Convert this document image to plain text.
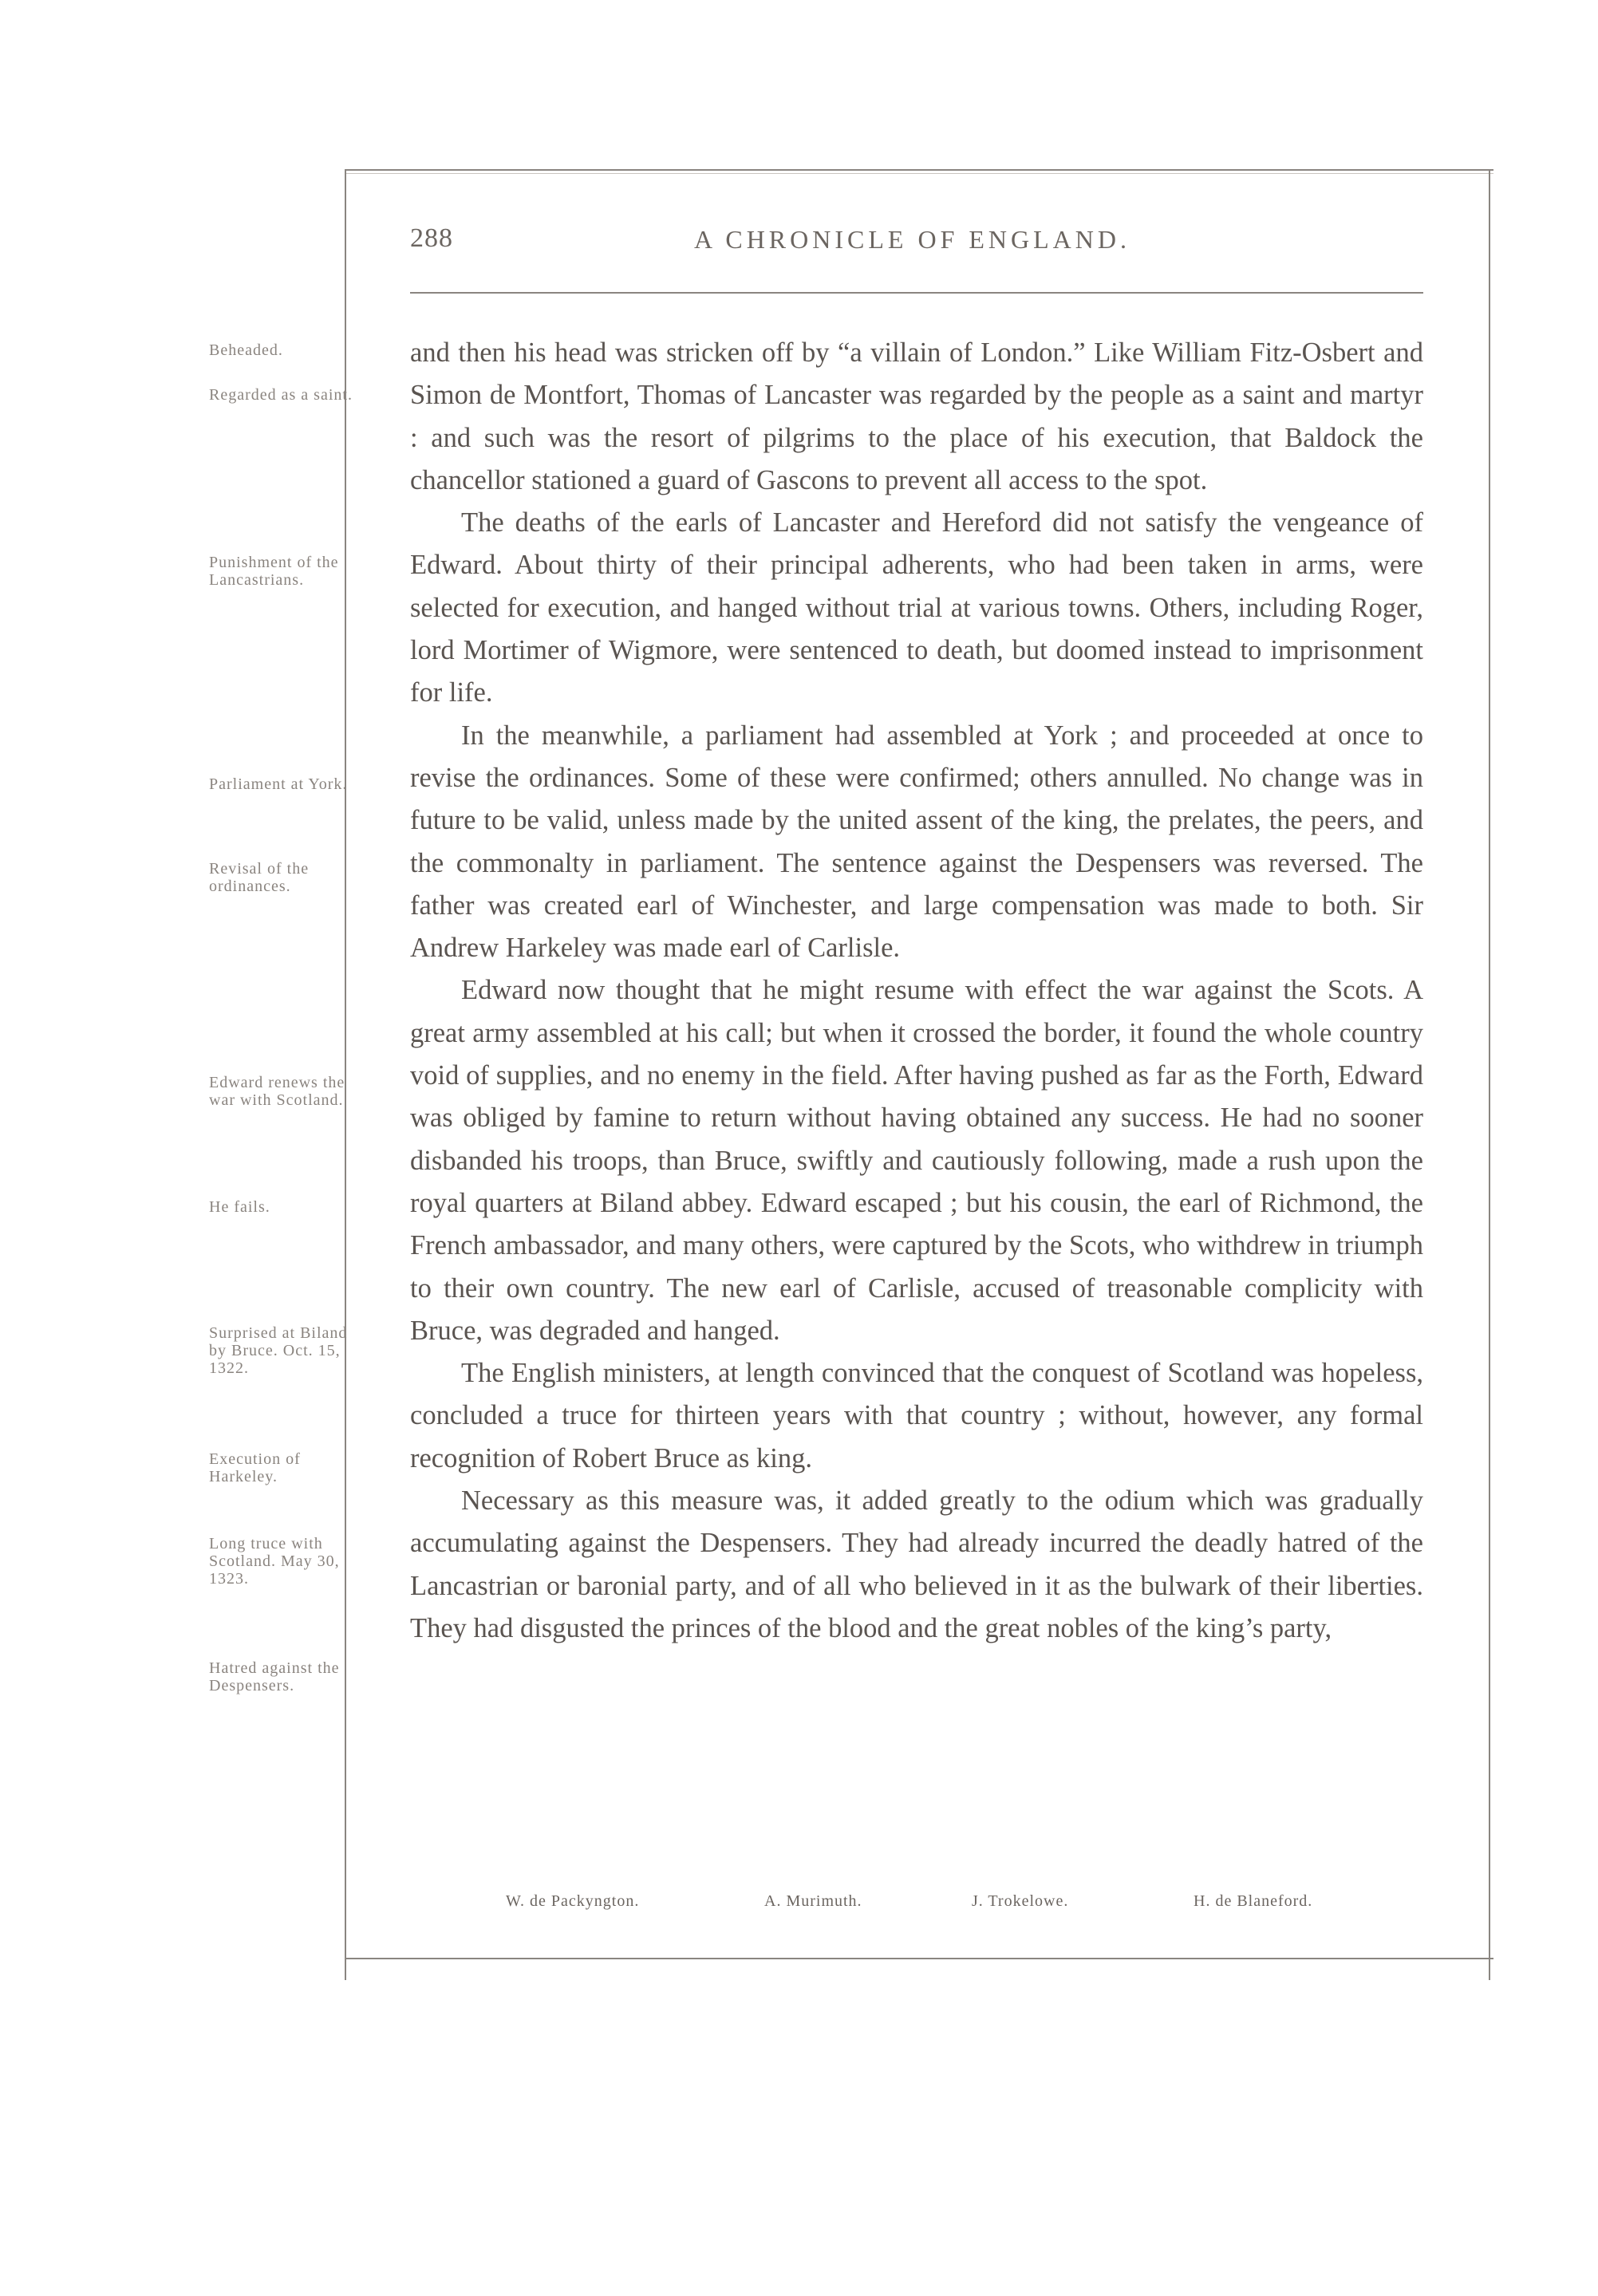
288	A CHRONICLE OF ENGLAND.
Beheaded.
Regarded as a saint.
Punishment of the Lancastrians.
Parliament at York.
Revisal of the ordinances.
Edward renews the war with Scotland.
He fails.
Surprised at Biland by Bruce. Oct. 15, 1322.
Execution of Harkeley.
Long truce with Scotland. May 30, 1323.
Hatred against the Despensers.

and then his head was stricken off by “a villain of London.” Like William Fitz-Osbert and Simon de Montfort, Thomas of Lancaster was regarded by the people as a saint and martyr : and such was the resort of pilgrims to the place of his execution, that Baldock the chancellor stationed a guard of Gascons to prevent all access to the spot.

The deaths of the earls of Lancaster and Hereford did not satisfy the vengeance of Edward. About thirty of their principal adherents, who had been taken in arms, were selected for execution, and hanged without trial at various towns. Others, including Roger, lord Mortimer of Wigmore, were sentenced to death, but doomed instead to imprisonment for life.

In the meanwhile, a parliament had assembled at York ; and proceeded at once to revise the ordinances. Some of these were confirmed; others annulled. No change was in future to be valid, unless made by the united assent of the king, the prelates, the peers, and the commonalty in parliament. The sentence against the Despensers was reversed. The father was created earl of Winchester, and large compensation was made to both. Sir Andrew Harkeley was made earl of Carlisle.

Edward now thought that he might resume with effect the war against the Scots. A great army assembled at his call; but when it crossed the border, it found the whole country void of supplies, and no enemy in the field. After having pushed as far as the Forth, Edward was obliged by famine to return without having obtained any success. He had no sooner disbanded his troops, than Bruce, swiftly and cautiously following, made a rush upon the royal quarters at Biland abbey. Edward escaped ; but his cousin, the earl of Richmond, the French ambassador, and many others, were captured by the Scots, who withdrew in triumph to their own country. The new earl of Carlisle, accused of treasonable complicity with Bruce, was degraded and hanged.

The English ministers, at length convinced that the conquest of Scotland was hopeless, concluded a truce for thirteen years with that country ; without, however, any formal recognition of Robert Bruce as king.

Necessary as this measure was, it added greatly to the odium which was gradually accumulating against the Despensers. They had already incurred the deadly hatred of the Lancastrian or baronial party, and of all who believed in it as the bulwark of their liberties. They had disgusted the princes of the blood and the great nobles of the king’s party,

W. de Packyngton.	A. Murimuth.	J. Trokelowe.	H. de Blaneford.
